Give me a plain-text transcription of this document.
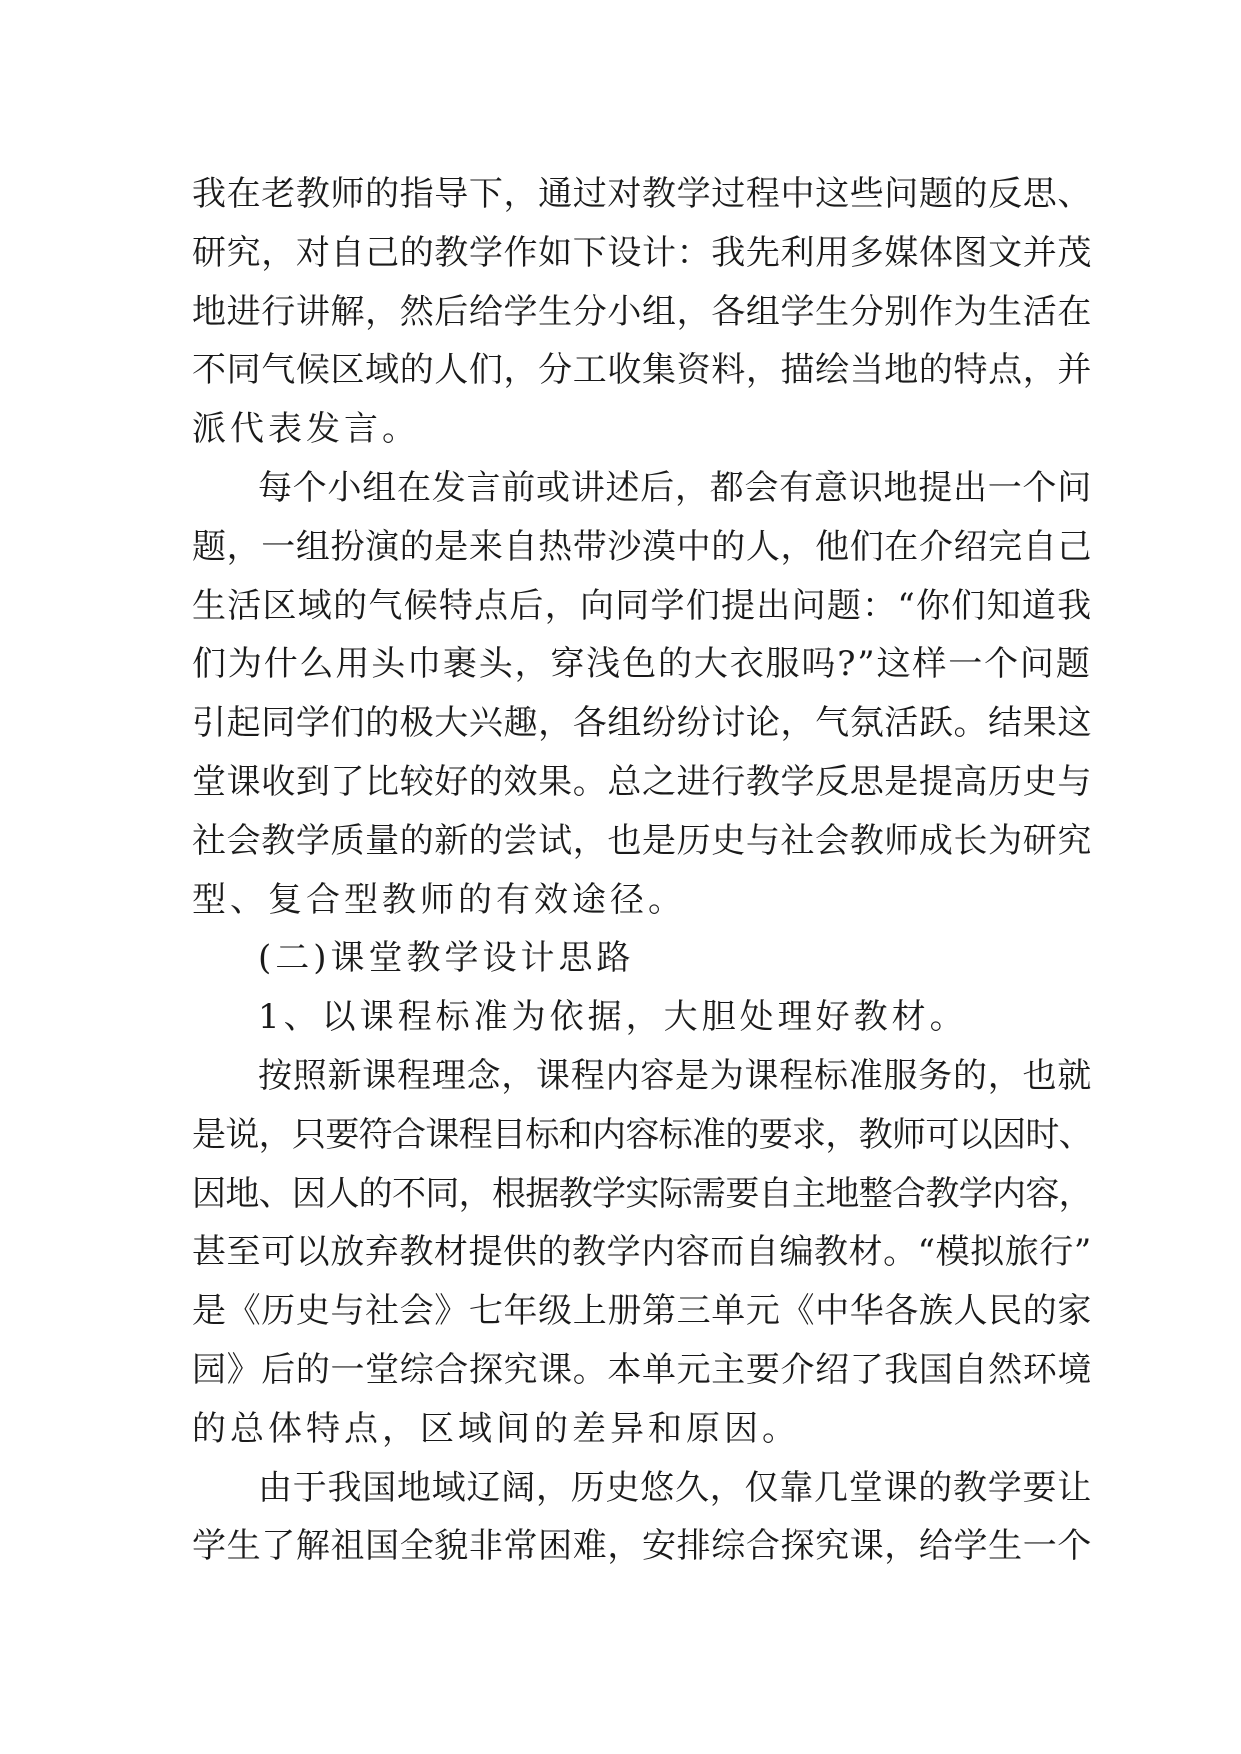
我在老教师的指导下，通过对教学过程中这些问题的反思、
研究，对自己的教学作如下设计：我先利用多媒体图文并茂
地进行讲解，然后给学生分小组，各组学生分别作为生活在
不同气候区域的人们，分工收集资料，描绘当地的特点，并
派代表发言。
每个小组在发言前或讲述后，都会有意识地提出一个问
题，一组扮演的是来自热带沙漠中的人，他们在介绍完自己
生活区域的气候特点后，向同学们提出问题：“你们知道我
们为什么用头巾裹头，穿浅色的大衣服吗?”这样一个问题
引起同学们的极大兴趣，各组纷纷讨论，气氛活跃。结果这
堂课收到了比较好的效果。总之进行教学反思是提高历史与
社会教学质量的新的尝试，也是历史与社会教师成长为研究
型、复合型教师的有效途径。
(二)课堂教学设计思路
1、以课程标准为依据，大胆处理好教材。
按照新课程理念，课程内容是为课程标准服务的，也就
是说，只要符合课程目标和内容标准的要求，教师可以因时、
因地、因人的不同，根据教学实际需要自主地整合教学内容，
甚至可以放弃教材提供的教学内容而自编教材。“模拟旅行”
是《历史与社会》七年级上册第三单元《中华各族人民的家
园》后的一堂综合探究课。本单元主要介绍了我国自然环境
的总体特点，区域间的差异和原因。
由于我国地域辽阔，历史悠久，仅靠几堂课的教学要让
学生了解祖国全貌非常困难，安排综合探究课，给学生一个
